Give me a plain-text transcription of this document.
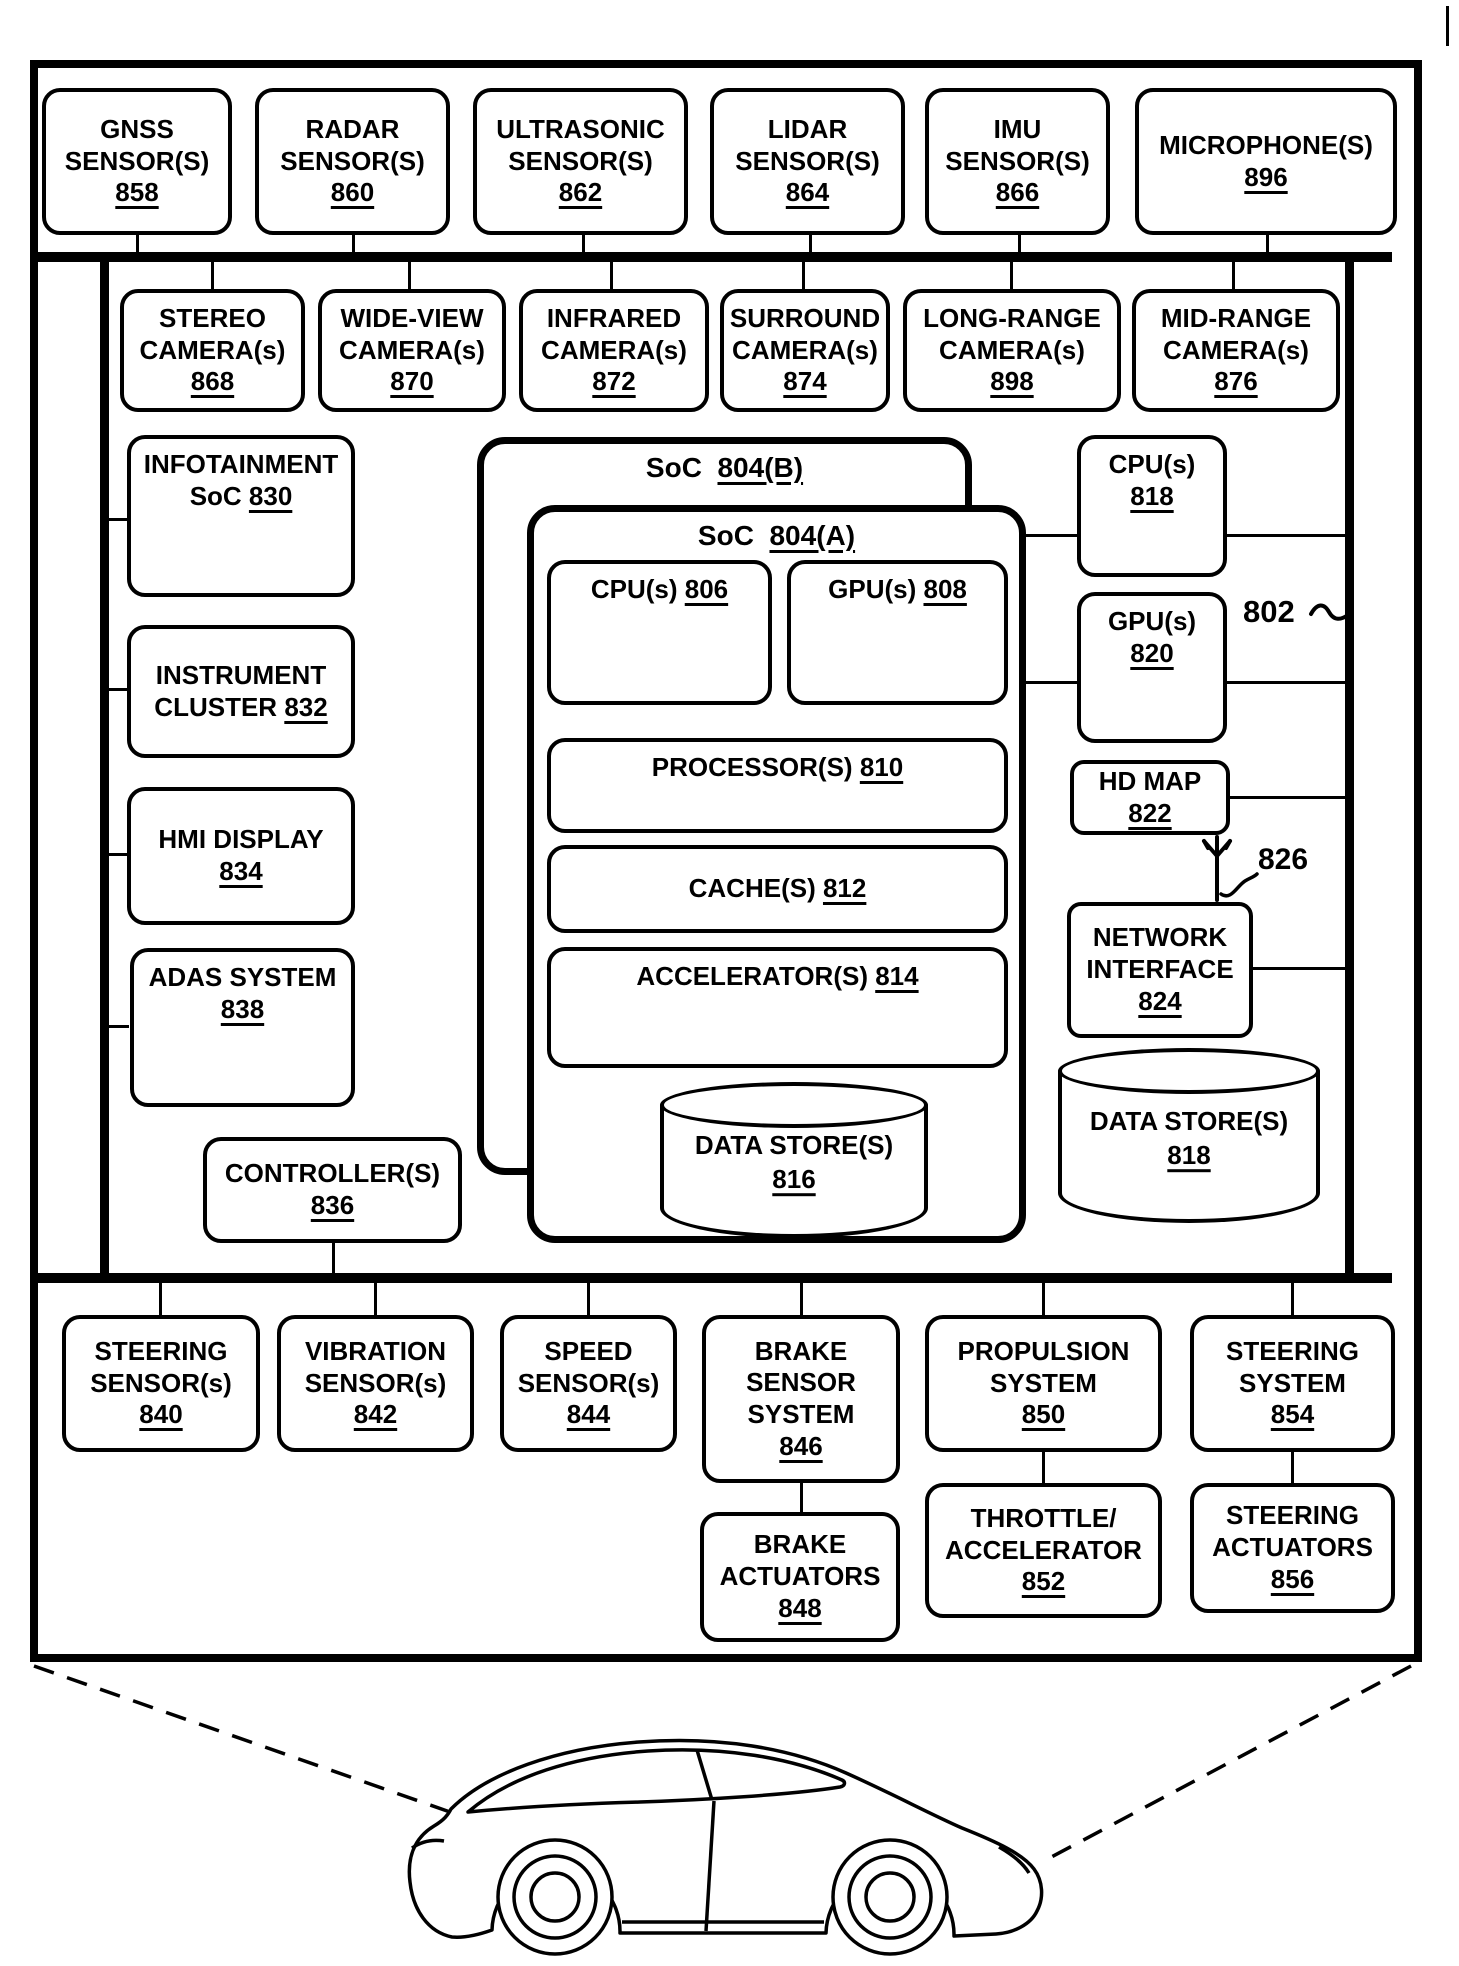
GNSS
SENSOR(S)
858
RADAR
SENSOR(S)
860
ULTRASONIC
SENSOR(S)
862
LIDAR
SENSOR(S)
864
IMU
SENSOR(S)
866
MICROPHONE(S)
896
STEREO
CAMERA(s)
868
WIDE-VIEW
CAMERA(s)
870
INFRARED
CAMERA(s)
872
SURROUND
CAMERA(s)
874
LONG-RANGE
CAMERA(s)
898
MID-RANGE
CAMERA(s)
876
INFOTAINMENT
SoC 830
INSTRUMENT
CLUSTER 832
HMI DISPLAY
834
ADAS SYSTEM
838
CONTROLLER(S)
836
SoC 804(B)
SoC 804(A)
CPU(s) 806	GPU(s) 808
PROCESSOR(S) 810
CACHE(S) 812
ACCELERATOR(S) 814
DATA STORE(S)
816
CPU(s)
818
GPU(s)
820
802
HD MAP
822
826
NETWORK
INTERFACE
824
DATA STORE(S)
818
STEERING
SENSOR(s)
840
VIBRATION
SENSOR(s)
842
SPEED
SENSOR(s)
844
BRAKE
SENSOR
SYSTEM
846
PROPULSION
SYSTEM
850
STEERING
SYSTEM
854
BRAKE
ACTUATORS
848
THROTTLE/
ACCELERATOR
852
STEERING
ACTUATORS
856
